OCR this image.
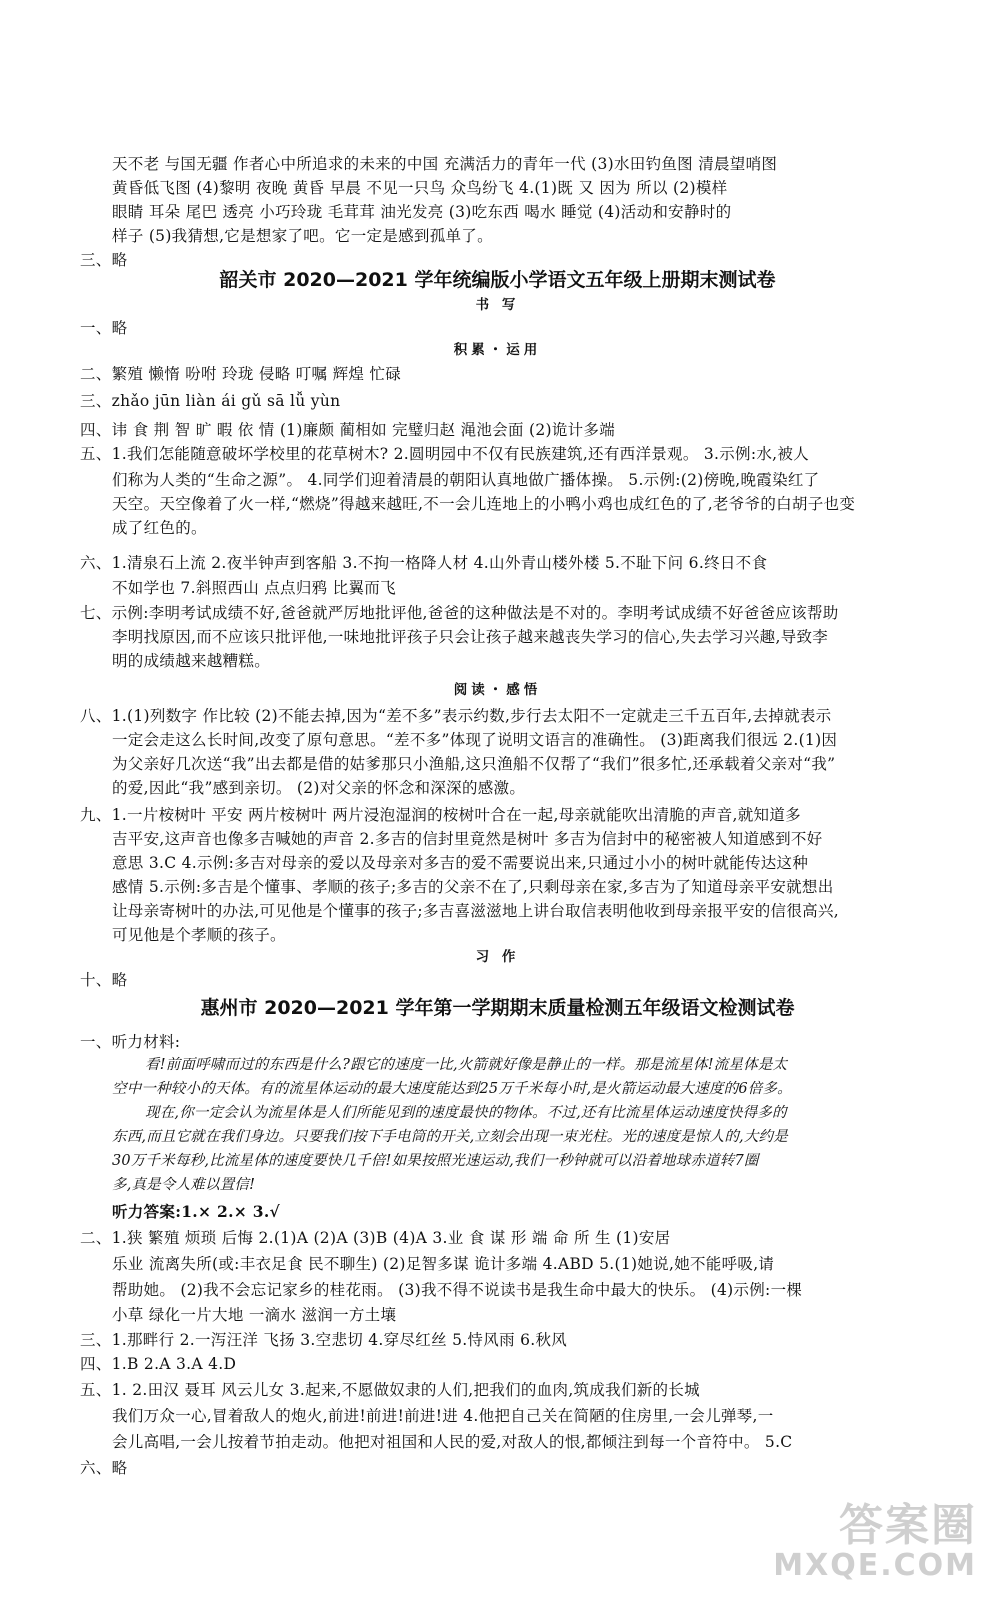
天不老 与国无疆 作者心中所追求的未来的中国 充满活力的青年一代 (3)水田钓鱼图 清晨望哨图
黄昏低飞图 (4)黎明 夜晚 黄昏 早晨 不见一只鸟 众鸟纷飞 4.(1)既 又 因为 所以 (2)模样
眼睛 耳朵 尾巴 透亮 小巧玲珑 毛茸茸 油光发亮 (3)吃东西 喝水 睡觉 (4)活动和安静时的
样子 (5)我猜想,它是想家了吧。它一定是感到孤单了。
三、略
韶关市 2020—2021 学年统编版小学语文五年级上册期末测试卷
书 写
一、略
积累・运用
二、繁殖 懒惰 吩咐 玲珑 侵略 叮嘱 辉煌 忙碌
三、zhǎo jūn liàn ái gǔ sā lǚ yùn
四、讳 食 荆 智 旷 暇 依 情 (1)廉颇 蔺相如 完璧归赵 渑池会面 (2)诡计多端
五、1.我们怎能随意破坏学校里的花草树木? 2.圆明园中不仅有民族建筑,还有西洋景观。 3.示例:水,被人
们称为人类的“生命之源”。 4.同学们迎着清晨的朝阳认真地做广播体操。 5.示例:(2)傍晚,晚霞染红了
天空。天空像着了火一样,“燃烧”得越来越旺,不一会儿连地上的小鸭小鸡也成红色的了,老爷爷的白胡子也变
成了红色的。
六、1.清泉石上流 2.夜半钟声到客船 3.不拘一格降人材 4.山外青山楼外楼 5.不耻下问 6.终日不食
不如学也 7.斜照西山 点点归鸦 比翼而飞
七、示例:李明考试成绩不好,爸爸就严厉地批评他,爸爸的这种做法是不对的。李明考试成绩不好爸爸应该帮助
李明找原因,而不应该只批评他,一味地批评孩子只会让孩子越来越丧失学习的信心,失去学习兴趣,导致李
明的成绩越来越糟糕。
阅读・感悟
八、1.(1)列数字 作比较 (2)不能去掉,因为“差不多”表示约数,步行去太阳不一定就走三千五百年,去掉就表示
一定会走这么长时间,改变了原句意思。“差不多”体现了说明文语言的准确性。 (3)距离我们很远 2.(1)因
为父亲好几次送“我”出去都是借的姑爹那只小渔船,这只渔船不仅帮了“我们”很多忙,还承载着父亲对“我”
的爱,因此“我”感到亲切。 (2)对父亲的怀念和深深的感激。
九、1.一片桉树叶 平安 两片桉树叶 两片浸泡湿润的桉树叶合在一起,母亲就能吹出清脆的声音,就知道多
吉平安,这声音也像多吉喊她的声音 2.多吉的信封里竟然是树叶 多吉为信封中的秘密被人知道感到不好
意思 3.C 4.示例:多吉对母亲的爱以及母亲对多吉的爱不需要说出来,只通过小小的树叶就能传达这种
感情 5.示例:多吉是个懂事、孝顺的孩子;多吉的父亲不在了,只剩母亲在家,多吉为了知道母亲平安就想出
让母亲寄树叶的办法,可见他是个懂事的孩子;多吉喜滋滋地上讲台取信表明他收到母亲报平安的信很高兴,
可见他是个孝顺的孩子。
习 作
十、略
惠州市 2020—2021 学年第一学期期末质量检测五年级语文检测试卷
一、听力材料:
看!前面呼啸而过的东西是什么?跟它的速度一比,火箭就好像是静止的一样。那是流星体!流星体是太
空中一种较小的天体。有的流星体运动的最大速度能达到25万千米每小时,是火箭运动最大速度的6倍多。
现在,你一定会认为流星体是人们所能见到的速度最快的物体。不过,还有比流星体运动速度快得多的
东西,而且它就在我们身边。只要我们按下手电筒的开关,立刻会出现一束光柱。光的速度是惊人的,大约是
30万千米每秒,比流星体的速度要快几千倍!如果按照光速运动,我们一秒钟就可以沿着地球赤道转7圈
多,真是令人难以置信!
听力答案:1.× 2.× 3.√
二、1.狭 繁殖 烦琐 后悔 2.(1)A (2)A (3)B (4)A 3.业 食 谋 形 端 命 所 生 (1)安居
乐业 流离失所(或:丰衣足食 民不聊生) (2)足智多谋 诡计多端 4.ABD 5.(1)她说,她不能呼吸,请
帮助她。 (2)我不会忘记家乡的桂花雨。 (3)我不得不说读书是我生命中最大的快乐。 (4)示例:一棵
小草 绿化一片大地 一滴水 滋润一方土壤
三、1.那畔行 2.一泻汪洋 飞扬 3.空悲切 4.穿尽红丝 5.恃风雨 6.秋风
四、1.B 2.A 3.A 4.D
五、1. 2.田汉 聂耳 风云儿女 3.起来,不愿做奴隶的人们,把我们的血肉,筑成我们新的长城
我们万众一心,冒着敌人的炮火,前进!前进!前进!进 4.他把自己关在简陋的住房里,一会儿弹琴,一
会儿高唱,一会儿按着节拍走动。他把对祖国和人民的爱,对敌人的恨,都倾注到每一个音符中。 5.C
六、略
答案圈
MXQE.COM
